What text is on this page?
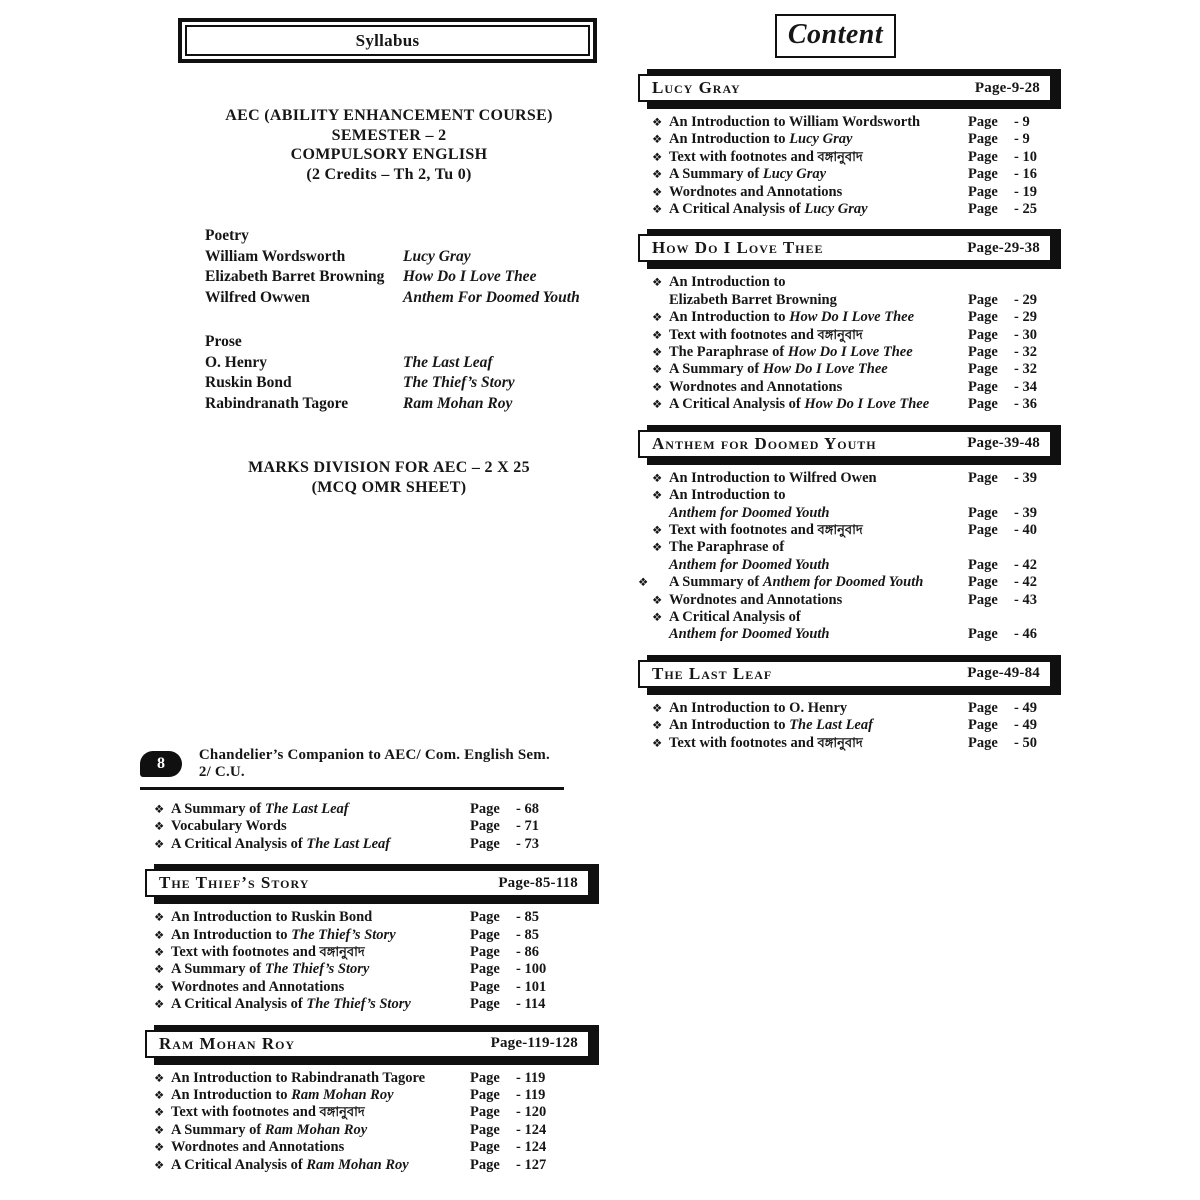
Syllabus
AEC (ABILITY ENHANCEMENT COURSE)
SEMESTER – 2
COMPULSORY ENGLISH
(2 Credits – Th 2, Tu 0)
Poetry
William Wordsworth	Lucy Gray
Elizabeth Barret Browning	How Do I Love Thee
Wilfred Owwen	Anthem For Doomed Youth
Prose
O. Henry	The Last Leaf
Ruskin Bond	The Thief’s Story
Rabindranath Tagore	Ram Mohan Roy
MARKS DIVISION FOR AEC – 2 X 25
(MCQ OMR SHEET)
8	Chandelier’s Companion to AEC/ Com. English Sem. 2/ C.U.
❖ A Summary of The Last Leaf	Page	- 68
❖ Vocabulary Words	Page	- 71
❖ A Critical Analysis of The Last Leaf	Page	- 73
The Thief’s Story	Page-85-118
❖ An Introduction to Ruskin Bond	Page	- 85
❖ An Introduction to The Thief’s Story	Page	- 85
❖ Text with footnotes and বঙ্গানুবাদ	Page	- 86
❖ A Summary of The Thief’s Story	Page	- 100
❖ Wordnotes and Annotations	Page	- 101
❖ A Critical Analysis of The Thief’s Story	Page	- 114
Ram Mohan Roy	Page-119-128
❖ An Introduction to Rabindranath Tagore	Page	- 119
❖ An Introduction to Ram Mohan Roy	Page	- 119
❖ Text with footnotes and বঙ্গানুবাদ	Page	- 120
❖ A Summary of Ram Mohan Roy	Page	- 124
❖ Wordnotes and Annotations	Page	- 124
❖ A Critical Analysis of Ram Mohan Roy	Page	- 127
Content
Lucy Gray	Page-9-28
❖ An Introduction to William Wordsworth	Page	- 9
❖ An Introduction to Lucy Gray	Page	- 9
❖ Text with footnotes and বঙ্গানুবাদ	Page	- 10
❖ A Summary of Lucy Gray	Page	- 16
❖ Wordnotes and Annotations	Page	- 19
❖ A Critical Analysis of Lucy Gray	Page	- 25
How Do I Love Thee	Page-29-38
❖ An Introduction to
Elizabeth Barret Browning	Page	- 29
❖ An Introduction to How Do I Love Thee	Page	- 29
❖ Text with footnotes and বঙ্গানুবাদ	Page	- 30
❖ The Paraphrase of How Do I Love Thee	Page	- 32
❖ A Summary of How Do I Love Thee	Page	- 32
❖ Wordnotes and Annotations	Page	- 34
❖ A Critical Analysis of How Do I Love Thee	Page	- 36
Anthem for Doomed Youth	Page-39-48
❖ An Introduction to Wilfred Owen	Page	- 39
❖ An Introduction to
Anthem for Doomed Youth	Page	- 39
❖ Text with footnotes and বঙ্গানুবাদ	Page	- 40
❖ The Paraphrase of
Anthem for Doomed Youth	Page	- 42
❖	A Summary of Anthem for Doomed Youth	Page	- 42
❖ Wordnotes and Annotations	Page	- 43
❖ A Critical Analysis of
Anthem for Doomed Youth	Page	- 46
The Last Leaf	Page-49-84
❖ An Introduction to O. Henry	Page	- 49
❖ An Introduction to The Last Leaf	Page	- 49
❖ Text with footnotes and বঙ্গানুবাদ	Page	- 50
